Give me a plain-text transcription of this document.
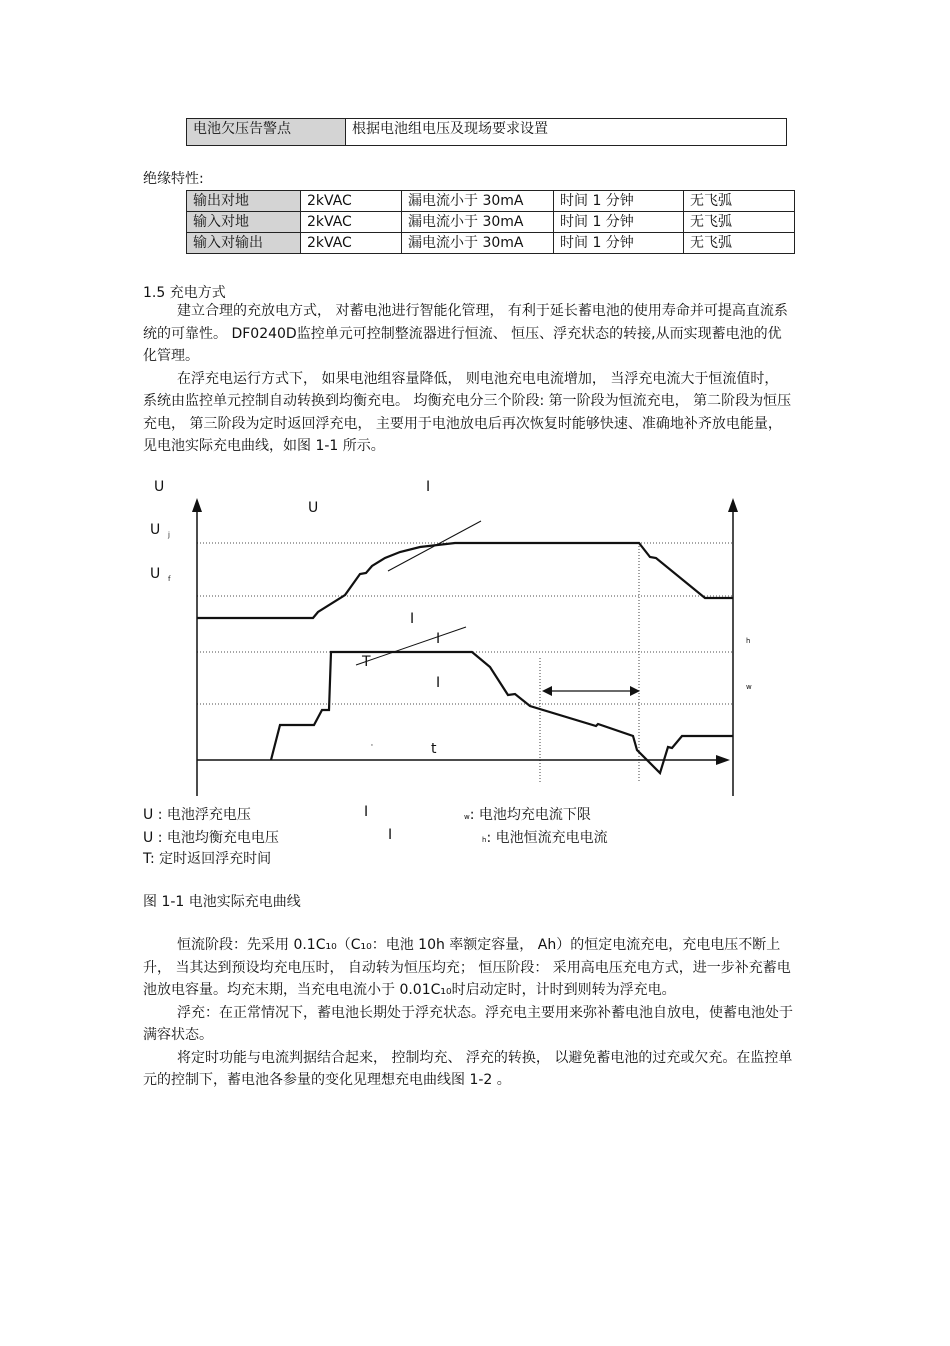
电池欠压告警点	根据电池组电压及现场要求设置
绝缘特性:
输出对地	2kVAC	漏电流小于 30mA	时间 1 分钟	无飞弧
输入对地	2kVAC	漏电流小于 30mA	时间 1 分钟	无飞弧
输入对输出	2kVAC	漏电流小于 30mA	时间 1 分钟	无飞弧
1.5 充电方式

建立合理的充放电方式， 对蓄电池进行智能化管理， 有利于延长蓄电池的使用寿命并可提高直流系统的可靠性。 DF0240D监控单元可控制整流器进行恒流、 恒压、浮充状态的转接,从而实现蓄电池的优化管理。

在浮充电运行方式下， 如果电池组容量降低， 则电池充电电流增加， 当浮充电流大于恒流值时， 系统由监控单元控制自动转换到均衡充电。 均衡充电分三个阶段: 第一阶段为恒流充电， 第二阶段为恒压充电， 第三阶段为定时返回浮充电， 主要用于电池放电后再次恢复时能够快速、准确地补齐放电能量，见电池实际充电曲线，如图 1-1 所示。

U	I
U
U j
U f
I
I
T
I
h
w
'	t
U : 电池浮充电压	I	w: 电池均充电流下限
U : 电池均衡充电电压	I	h: 电池恒流充电电流
T: 定时返回浮充时间
图 1-1 电池实际充电曲线

恒流阶段：先采用 0.1C₁₀（C₁₀：电池 10h 率额定容量， Ah）的恒定电流充电，充电电压不断上升， 当其达到预设均充电压时， 自动转为恒压均充； 恒压阶段： 采用高电压充电方式，进一步补充蓄电池放电容量。均充末期，当充电电流小于 0.01C₁₀时启动定时，计时到则转为浮充电。

浮充：在正常情况下，蓄电池长期处于浮充状态。浮充电主要用来弥补蓄电池自放电，使蓄电池处于满容状态。

将定时功能与电流判据结合起来， 控制均充、 浮充的转换， 以避免蓄电池的过充或欠充。在监控单元的控制下，蓄电池各参量的变化见理想充电曲线图 1-2 。
